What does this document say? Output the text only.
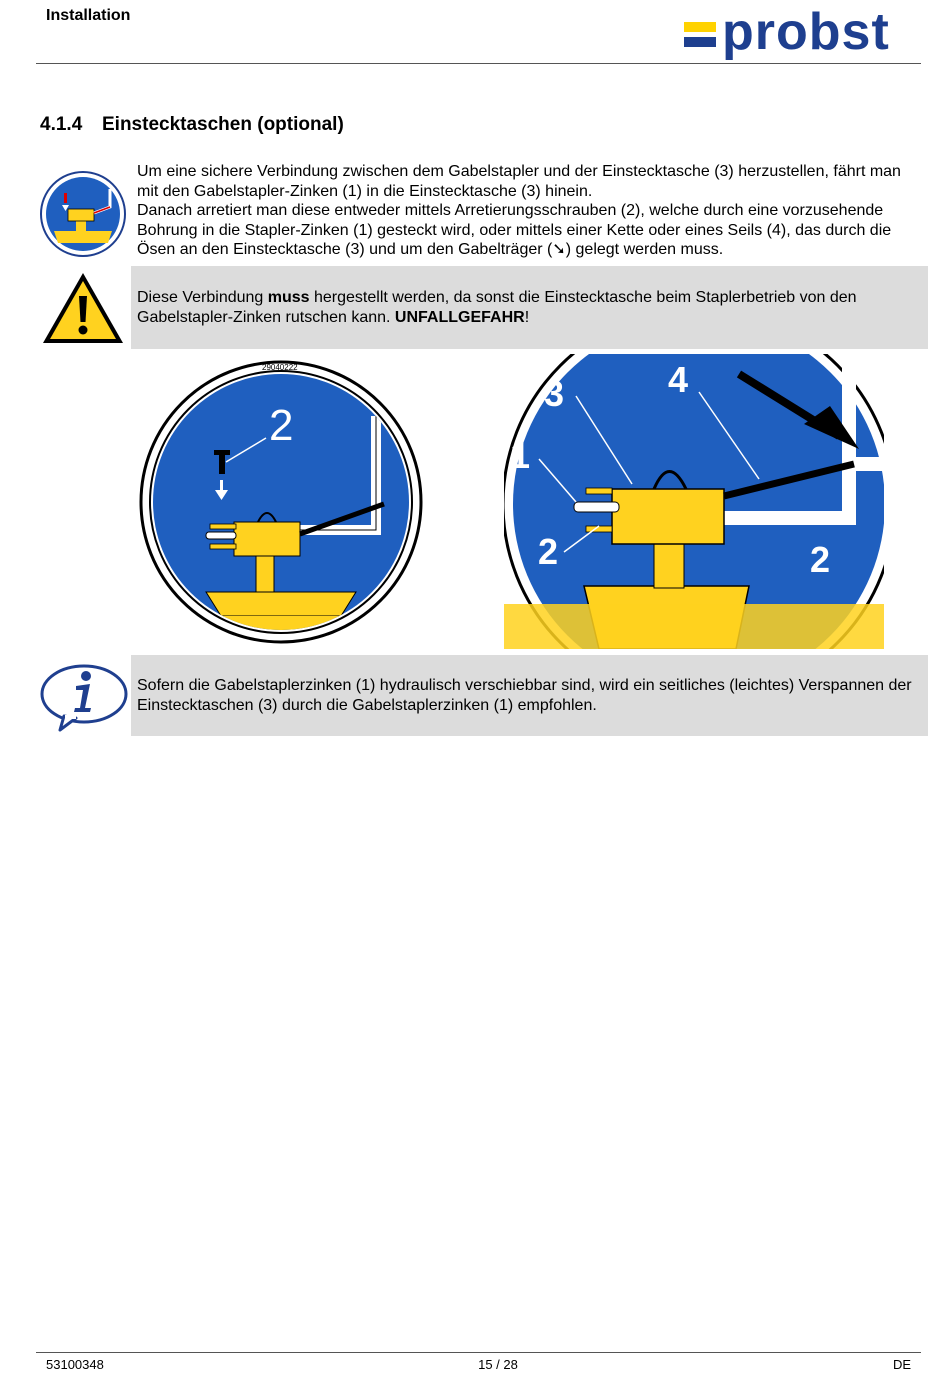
Installation	probst
4.1.4 Einstecktaschen (optional)
Um eine sichere Verbindung zwischen dem Gabelstapler und der Einstecktasche (3) herzustellen, fährt man mit den Gabelstapler-Zinken (1) in die Einstecktasche (3) hinein.
Danach arretiert man diese entweder mittels Arretierungsschrauben (2), welche durch eine vorzusehende Bohrung in die Stapler-Zinken (1) gesteckt wird, oder mittels einer Kette oder eines Seils (4), das durch die Ösen an den Einstecktasche (3) und um den Gabelträger (➘) gelegt werden muss.
Diese Verbindung muss hergestellt werden, da sonst die Einstecktasche beim Staplerbetrieb von den Gabelstapler-Zinken rutschen kann. UNFALLGEFAHR!
29040222
2
3	4
1
2	2
Sofern die Gabelstaplerzinken (1) hydraulisch verschiebbar sind, wird ein seitliches (leichtes) Verspannen der Einstecktaschen (3) durch die Gabelstaplerzinken (1) empfohlen.
53100348	15 / 28	DE
